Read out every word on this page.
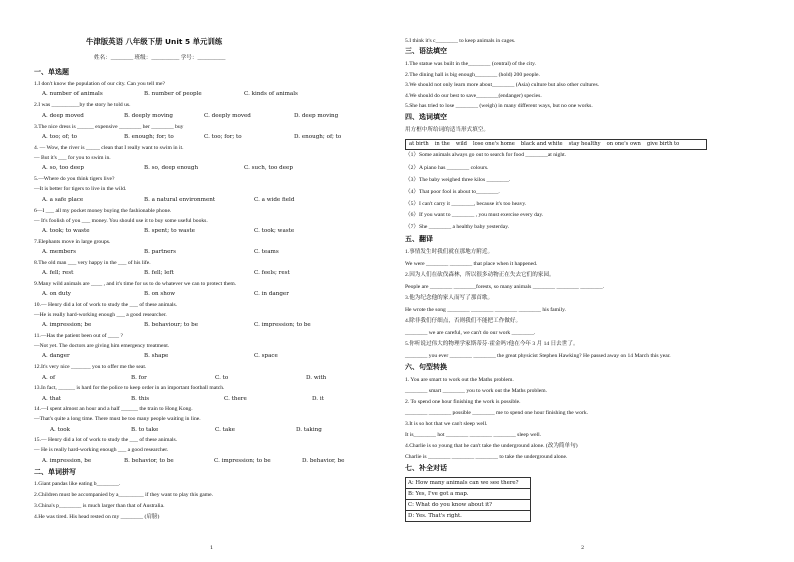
牛津版英语 八年级下册 Unit 5 单元训练
姓名：________ 班级：__________ 学号：__________
一、单选题
1.I don't know the population of our city. Can you tell me?
A. number of animals	B. number of people	C. kinds of animals
2.I was __________by the story he told us.
A. deep moved	B. deeply moving	C. deeply moved	D. deep moving
3.The nice dress is ______ expensive ________ her ________ buy
A. too; of; to	B. enough; for; to	C. too; for; to	D. enough; of; to
4. — Wow, the river is _____ clean that I really want to swim in it.
— But it's ___ for you to swim in.
A. so, too deep	B. so, deep enough	C. such, too deep
5.—Where do you think tigers live?
—It is better for tigers to live in the wild.
A. a safe place	B. a natural environment	C. a wide field
6—I ___ all my pocket money buying the fashionable phone.
— It's foolish of you ___ money. You should use it to buy some useful books.
A. took; to waste	B. spent; to waste	C. took; waste
7.Elephants move in large groups.
A. members	B. partners	C. teams
8.The old man ___ very happy in the ___ of his life.
A. fell; rest	B. fell; left	C. feels; rest
9.Many wild animals are ____ , and it's time for us to do whatever we can to protect them.
A. on duty	B. on show	C. in danger
10.— Henry did a lot of work to study the ___ of these animals.
—He is really hard-working enough ___ a good researcher.
A. impression; be	B. behaviour; to be	C. impression; to be
11.—Has the patient been out of ____ ?
—Not yet. The doctors are giving him emergency treatment.
A. danger	B. shape	C. space
12.It's very nice _______ you to offer me the seat.
A. of	B. for	C. to	D. with
13.In fact, ______ is hard for the police to keep order in an important football match.
A. that	B. this	C. there	D. it
14.—I spent almost an hour and a half ______ the train to Hong Kong.
—That's quite a long time. There must be too many people waiting in line.
A. took	B. to take	C. take	D. taking
15.— Henry did a lot of work to study the ___ of these animals.
— He is really hard-working enough ___ a good researcher.
A. impression, be	B. behavior, to be	C. impression; to be	D. behavior, be
二、单词拼写
1.Giant pandas like eating b________.
2.Children must be accompanied by a_________ if they want to play this game.
3.China's p________ is much larger than that of Australia.
4.He was tired. His head rested on my ________ (肩膀)
1
5.I think it's c________ to keep animals in cages.
三、语法填空
1.The statue was built in the________ (central) of the city.
2.The dining hall is big enough________ (hold) 200 people.
3.We should not only learn more about________ (Asia) culture but also other cultures.
4.We should do our best to save________(endanger) species.
5.She has tried to lose ________ (weigh) in many different ways, but no one works.
四、选词填空
用方框中所给词的适当形式填空。
at birth	in the	wild	lose one's home	black and white	stay healthy	on one's own	give birth to
（1）Some animals always go out to search for food ________at night.
（2）A piano has ________ colours.
（3）The baby weighed three kilos ________.
（4）That poor fool is about to________.
（5）I can't carry it ________, because it's too heavy.
（6）If you want to ________ , you must exercise every day.
（7）She ________ a healthy baby yesterday.
五、翻译
1.事情发生时我们就在那地方附近。
We were ________ ________ that place when it happened.
2.因为人们在砍伐森林，所以很多动物正在失去它们的家园。
People are ________ ________forests, so many animals ________ ________ ________.
3.他为纪念他的家人而写了那首歌。
He wrote the song ________ ________ ________ ________ his family.
4.除非我们仔细点，否则我们不能把工作做好。
________ we are careful, we can't do our work ________.
5.你听说过伟大的物理学家斯蒂芬·霍金吗?他在今年 3 月 14 日去世了。
________ you ever ________ ________ the great physicist Stephen Hawking? He passed away on 14 March this year.
六、句型转换
1. You are smart to work out the Maths problem.
________ smart ________ you to work out the Maths problem.
2. To spend one hour finishing the work is possible.
________ ________ possible ________ me to spend one hour finishing the work.
3.It is so hot that we can't sleep well.
It is________ hot ________ ________ ________ sleep well.
4.Charlie is so young that he can't take the underground alone. (改为简单句)
Charlie is ________ ________ ________ to take the underground alone.
七、补全对话
A: How many animals can we see there?
B: Yes, I've got a map.
C: What do you know about it?
D: Yes. That's right.
2
